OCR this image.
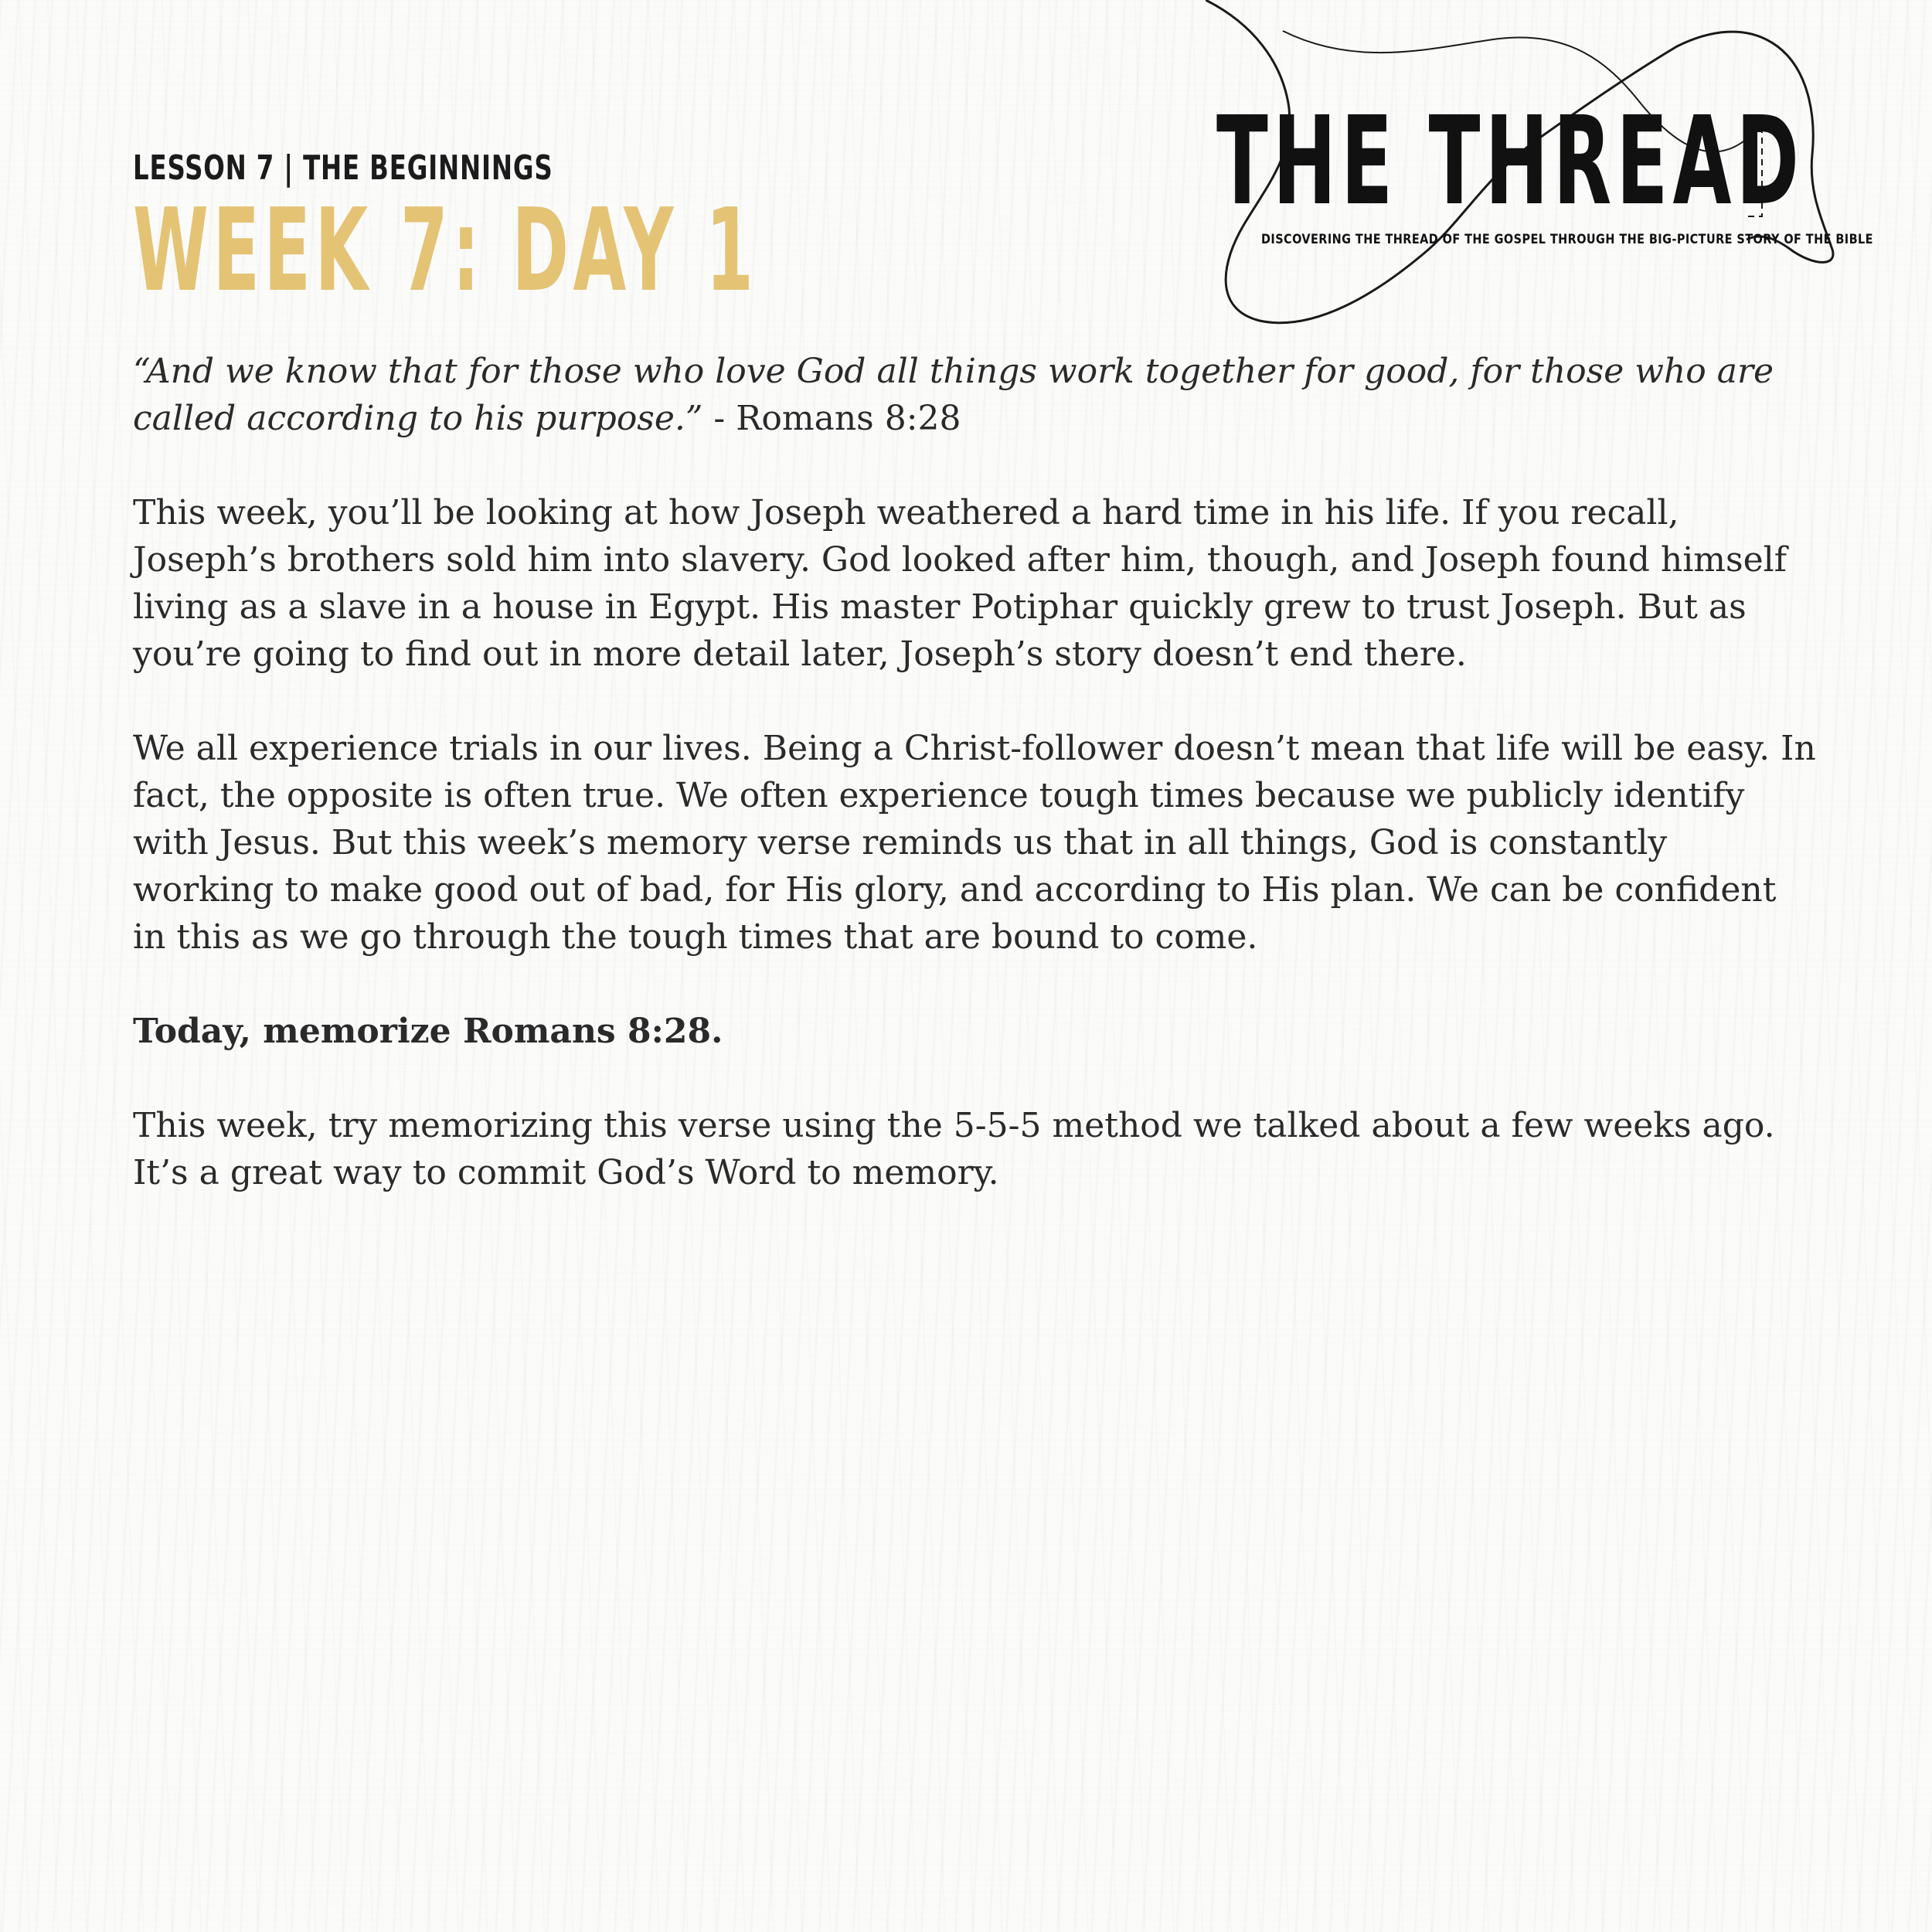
LESSON 7 | THE BEGINNINGS
WEEK 7: DAY 1
THE THREAD
DISCOVERING THE THREAD OF THE GOSPEL THROUGH THE BIG-PICTURE STORY OF THE BIBLE

“And we know that for those who love God all things work together for good, for those who are called according to his purpose.” - Romans 8:28

This week, you’ll be looking at how Joseph weathered a hard time in his life. If you recall, Joseph’s brothers sold him into slavery. God looked after him, though, and Joseph found himself living as a slave in a house in Egypt. His master Potiphar quickly grew to trust Joseph. But as you’re going to find out in more detail later, Joseph’s story doesn’t end there.

We all experience trials in our lives. Being a Christ-follower doesn’t mean that life will be easy. In fact, the opposite is often true. We often experience tough times because we publicly identify with Jesus. But this week’s memory verse reminds us that in all things, God is constantly working to make good out of bad, for His glory, and according to His plan. We can be confident in this as we go through the tough times that are bound to come.

Today, memorize Romans 8:28.

This week, try memorizing this verse using the 5-5-5 method we talked about a few weeks ago. It’s a great way to commit God’s Word to memory.
